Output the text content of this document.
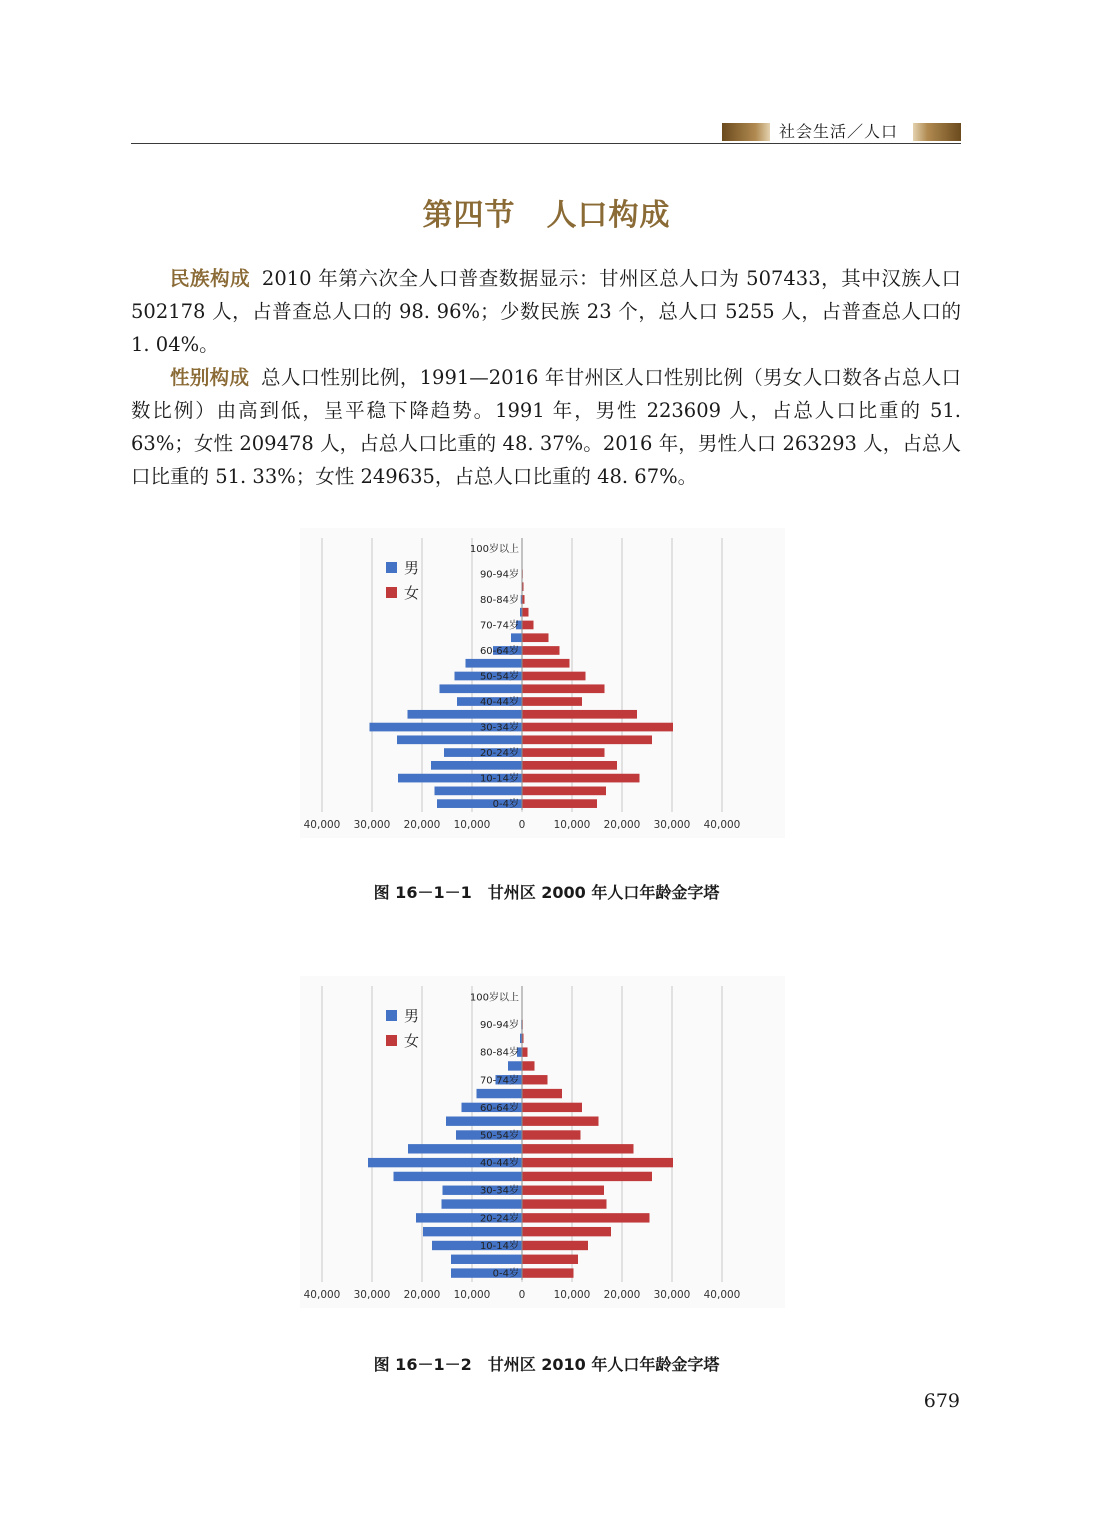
社会生活／人口
第四节　人口构成
民族构成 2010 年第六次全人口普查数据显示：甘州区总人口为 507433，其中汉族人口 502178 人，占普查总人口的 98. 96%；少数民族 23 个，总人口 5255 人，占普查总人口的 1. 04%。
性别构成 总人口性别比例，1991—2016 年甘州区人口性别比例（男女人口数各占总人口数比例）由高到低，呈平稳下降趋势。1991 年，男性 223609 人，占总人口比重的 51. 63%；女性 209478 人，占总人口比重的 48. 37%。2016 年，男性人口 263293 人，占总人口比重的 51. 33%；女性 249635，占总人口比重的 48. 67%。
40,000 30,000 20,000 10,000	0	10,000 20,000 30,000 40,000
0-4岁
10-14岁
20-24岁
30-34岁
40-44岁
50-54岁
60-64岁
70-74岁
80-84岁
90-94岁
100岁以上
男
女
图 16－1－1　甘州区 2000 年人口年龄金字塔
40,000 30,000 20,000 10,000	0	10,000 20,000 30,000 40,000
0-4岁
10-14岁
20-24岁
30-34岁
40-44岁
50-54岁
60-64岁
70-74岁
80-84岁
90-94岁
100岁以上
男
女
图 16－1－2　甘州区 2010 年人口年龄金字塔
679
